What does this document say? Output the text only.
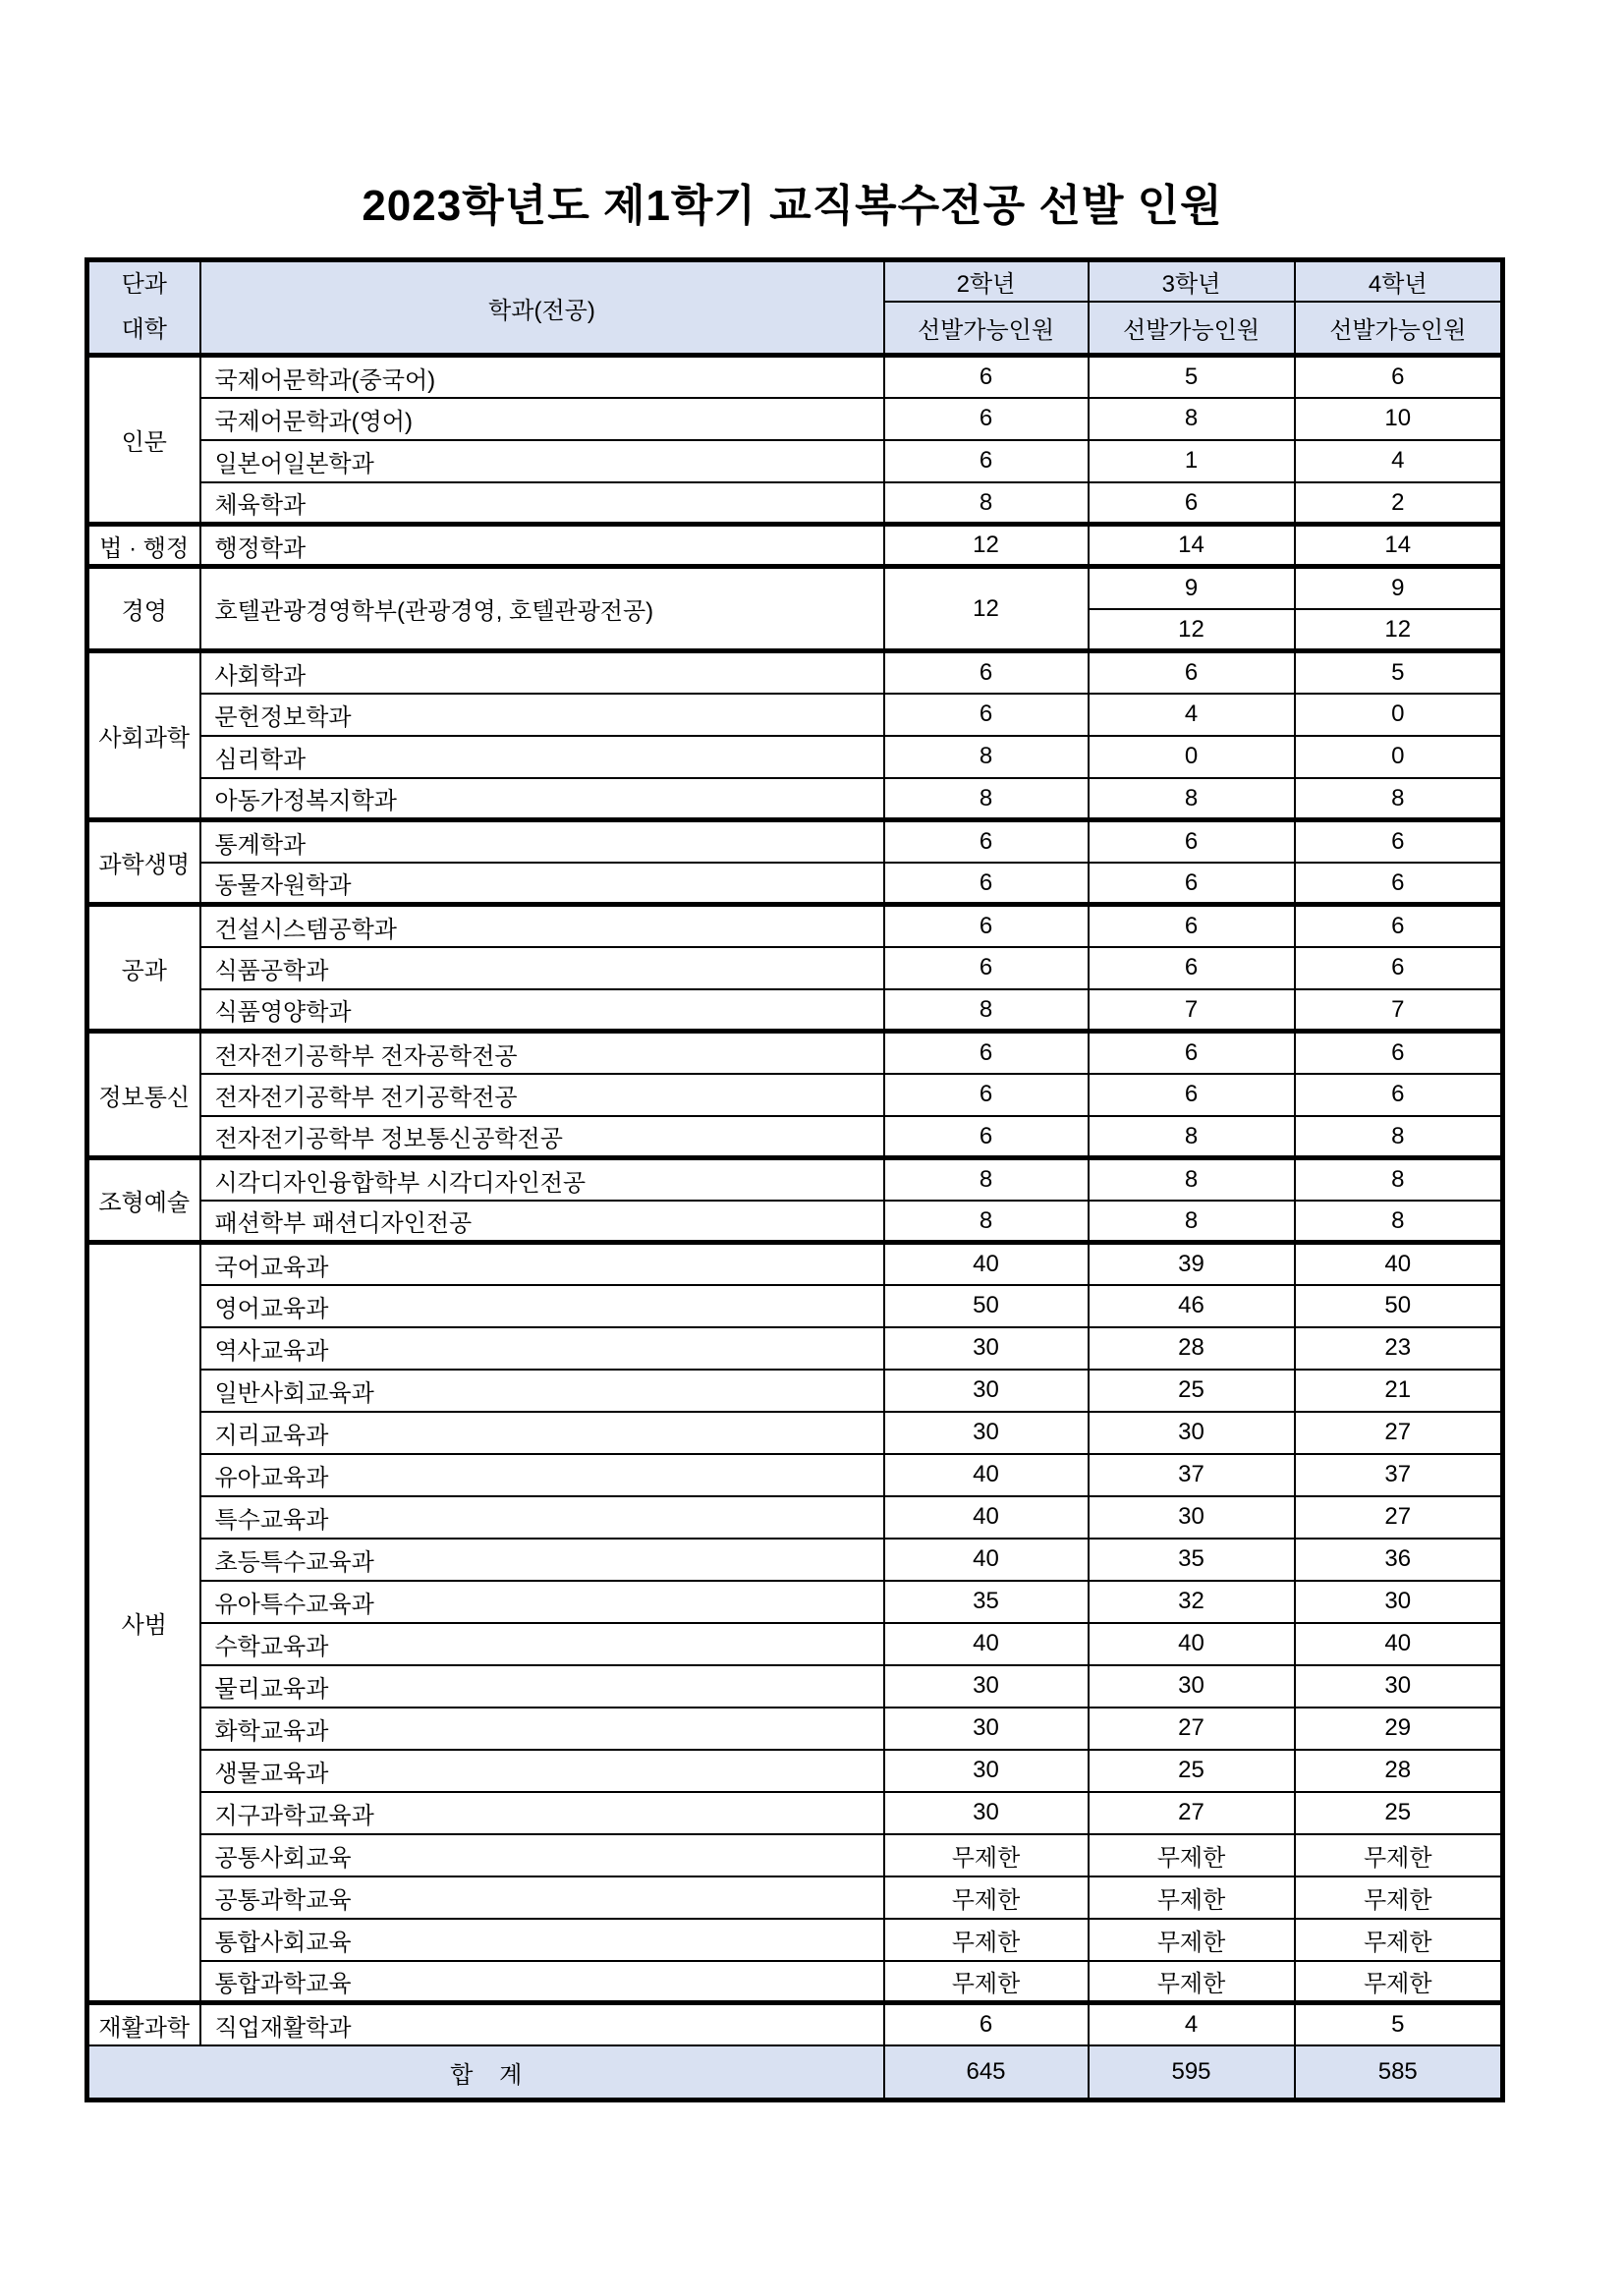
2023학년도 제1학기 교직복수전공 선발 인원
단과
대학	학과(전공)	2학년	3학년	4학년
		선발가능인원	선발가능인원	선발가능인원
인문	국제어문학과(중국어)	6	5	6
	국제어문학과(영어)	6	8	10
	일본어일본학과	6	1	4
	체육학과	8	6	2
법 · 행정	행정학과	12	14	14
경영	호텔관광경영학부(관광경영, 호텔관광전공)	12	9	9
			12	12
사회과학	사회학과	6	6	5
	문헌정보학과	6	4	0
	심리학과	8	0	0
	아동가정복지학과	8	8	8
과학생명	통계학과	6	6	6
	동물자원학과	6	6	6
공과	건설시스템공학과	6	6	6
	식품공학과	6	6	6
	식품영양학과	8	7	7
정보통신	전자전기공학부 전자공학전공	6	6	6
	전자전기공학부 전기공학전공	6	6	6
	전자전기공학부 정보통신공학전공	6	8	8
조형예술	시각디자인융합학부 시각디자인전공	8	8	8
	패션학부 패션디자인전공	8	8	8
사범	국어교육과	40	39	40
	영어교육과	50	46	50
	역사교육과	30	28	23
	일반사회교육과	30	25	21
	지리교육과	30	30	27
	유아교육과	40	37	37
	특수교육과	40	30	27
	초등특수교육과	40	35	36
	유아특수교육과	35	32	30
	수학교육과	40	40	40
	물리교육과	30	30	30
	화학교육과	30	27	29
	생물교육과	30	25	28
	지구과학교육과	30	27	25
	공통사회교육	무제한	무제한	무제한
	공통과학교육	무제한	무제한	무제한
	통합사회교육	무제한	무제한	무제한
	통합과학교육	무제한	무제한	무제한
재활과학	직업재활학과	6	4	5
합    계		645	595	585
